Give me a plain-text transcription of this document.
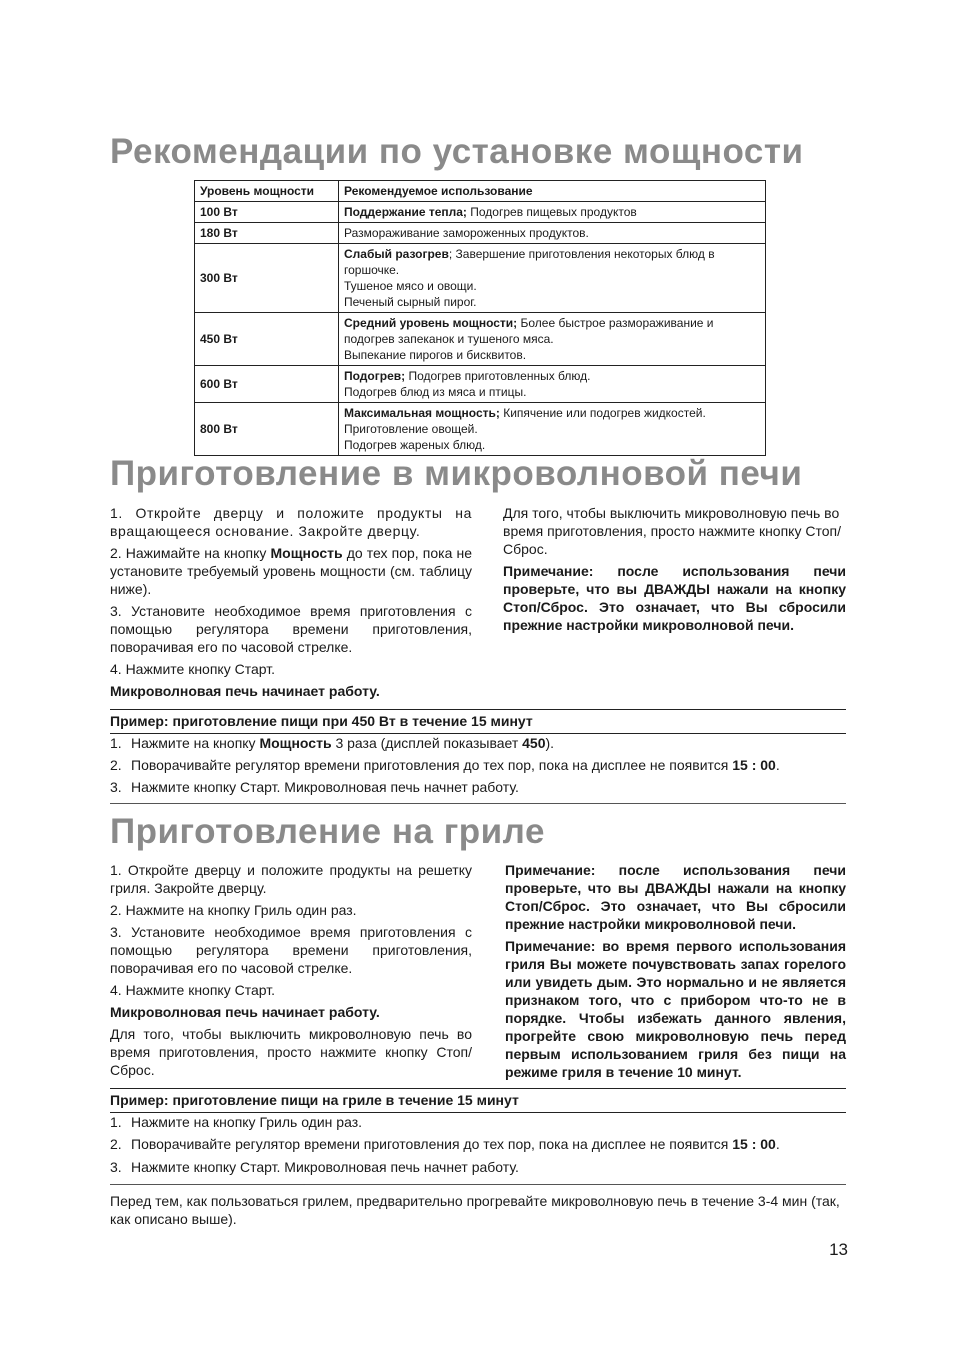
Рекомендации по установке мощности
Уровень мощности	Рекомендуемое использование
100 Вт	Поддержание тепла; Подогрев пищевых продуктов

180 Вт	Размораживание замороженных продуктов.

300 Вт	Слабый разогрев; Завершение приготовления некоторых блюд в горшочке.
Тушеное мясо и овощи.
Печеный сырный пирог.

450 Вт	Средний уровень мощности; Более быстрое размораживание и подогрев запеканок и тушеного мяса.
Выпекание пирогов и бисквитов.

600 Вт	Подогрев; Подогрев приготовленных блюд.
Подогрев блюд из мяса и птицы.

800 Вт	Максимальная мощность; Кипячение или подогрев жидкостей.
Приготовление овощей.
Подогрев жареных блюд.
Приготовление в микроволновой печи

1. Откройте дверцу и положите продукты на вращающееся основание. Закройте дверцу.

2. Нажимайте на кнопку Мощность до тех пор, пока не установите требуемый уровень мощности (см. таблицу ниже).

3. Установите необходимое время приготовления с помощью регулятора времени приготовления, поворачивая его по часовой стрелке.

4. Нажмите кнопку Старт.

Микроволновая печь начинает работу.

Для того, чтобы выключить микроволновую печь во время приготовления, просто нажмите кнопку Стоп/Сброс.

Примечание: после использования печи проверьте, что вы ДВАЖДЫ нажали на кнопку Стоп/Сброс. Это означает, что Вы сбросили прежние настройки микроволновой печи.

Пример: приготовление пищи при 450 Вт в течение 15 минут
1. Нажмите на кнопку Мощность 3 раза (дисплей показывает 450).
2. Поворачивайте регулятор времени приготовления до тех пор, пока на дисплее не появится 15 : 00.
3. Нажмите кнопку Старт. Микроволновая печь начнет работу.
Приготовление на гриле

1. Откройте дверцу и положите продукты на решетку гриля. Закройте дверцу.

2. Нажмите на кнопку Гриль один раз.

3. Установите необходимое время приготовления с помощью регулятора времени приготовления, поворачивая его по часовой стрелке.

4. Нажмите кнопку Старт.

Микроволновая печь начинает работу.

Для того, чтобы выключить микроволновую печь во время приготовления, просто нажмите кнопку Стоп/Сброс.

Примечание: после использования печи проверьте, что вы ДВАЖДЫ нажали на кнопку Стоп/Сброс. Это означает, что Вы сбросили прежние настройки микроволновой печи.

Примечание: во время первого использования гриля Вы можете почувствовать запах горелого или увидеть дым. Это нормально и не является признаком того, что с прибором что-то не в порядке. Чтобы избежать данного явления, прогрейте свою микроволновую печь перед первым использованием гриля без пищи на режиме гриля в течение 10 минут.

Пример: приготовление пищи на гриле в течение 15 минут
1. Нажмите на кнопку Гриль один раз.
2. Поворачивайте регулятор времени приготовления до тех пор, пока на дисплее не появится 15 : 00.
3. Нажмите кнопку Старт. Микроволновая печь начнет работу.

Перед тем, как пользоваться грилем, предварительно прогревайте микроволновую печь в течение 3-4 мин (так, как описано выше).

13
